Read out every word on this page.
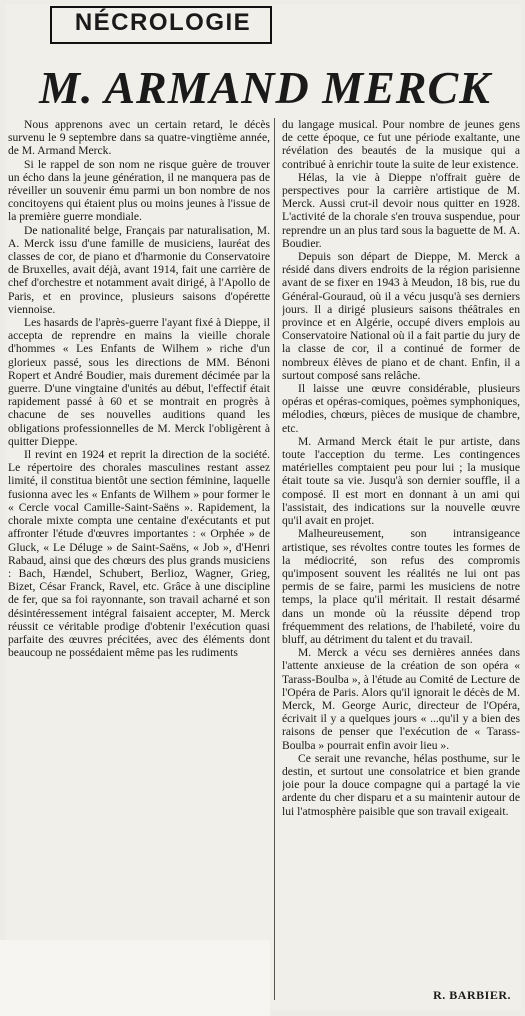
NÉCROLOGIE
M. ARMAND MERCK

Nous apprenons avec un certain retard, le décès survenu le 9 septembre dans sa quatre-vingtième année, de M. Armand Merck.

Si le rappel de son nom ne risque guère de trouver un écho dans la jeune génération, il ne manquera pas de réveiller un souvenir ému parmi un bon nombre de nos concitoyens qui étaient plus ou moins jeunes à l'issue de la première guerre mondiale.

De nationalité belge, Français par naturalisation, M. A. Merck issu d'une famille de musiciens, lauréat des classes de cor, de piano et d'harmonie du Conservatoire de Bruxelles, avait déjà, avant 1914, fait une carrière de chef d'orchestre et notamment avait dirigé, à l'Apollo de Paris, et en province, plusieurs saisons d'opérette viennoise.

Les hasards de l'après-guerre l'ayant fixé à Dieppe, il accepta de reprendre en mains la vieille chorale d'hommes « Les Enfants de Wilhem » riche d'un glorieux passé, sous les directions de MM. Bénoni Ropert et André Boudier, mais durement décimée par la guerre. D'une vingtaine d'unités au début, l'effectif était rapidement passé à 60 et se montrait en progrès à chacune de ses nouvelles auditions quand les obligations professionnelles de M. Merck l'obligèrent à quitter Dieppe.

Il revint en 1924 et reprit la direction de la société. Le répertoire des chorales masculines restant assez limité, il constitua bientôt une section féminine, laquelle fusionna avec les « Enfants de Wilhem » pour former le « Cercle vocal Camille-Saint-Saëns ». Rapidement, la chorale mixte compta une centaine d'exécutants et put affronter l'étude d'œuvres importantes : « Orphée » de Gluck, « Le Déluge » de Saint-Saëns, « Job », d'Henri Rabaud, ainsi que des chœurs des plus grands musiciens : Bach, Hændel, Schubert, Berlioz, Wagner, Grieg, Bizet, César Franck, Ravel, etc. Grâce à une discipline de fer, que sa foi rayonnante, son travail acharné et son désintéressement intégral faisaient accepter, M. Merck réussit ce véritable prodige d'obtenir l'exécution quasi parfaite des œuvres précitées, avec des éléments dont beaucoup ne possédaient même pas les rudiments

du langage musical. Pour nombre de jeunes gens de cette époque, ce fut une période exaltante, une révélation des beautés de la musique qui a contribué à enrichir toute la suite de leur existence.

Hélas, la vie à Dieppe n'offrait guère de perspectives pour la carrière artistique de M. Merck. Aussi crut-il devoir nous quitter en 1928. L'activité de la chorale s'en trouva suspendue, pour reprendre un an plus tard sous la baguette de M. A. Boudier.

Depuis son départ de Dieppe, M. Merck a résidé dans divers endroits de la région parisienne avant de se fixer en 1943 à Meudon, 18 bis, rue du Général-Gouraud, où il a vécu jusqu'à ses derniers jours. Il a dirigé plusieurs saisons théâtrales en province et en Algérie, occupé divers emplois au Conservatoire National où il a fait partie du jury de la classe de cor, il a continué de former de nombreux élèves de piano et de chant. Enfin, il a surtout composé sans relâche.

Il laisse une œuvre considérable, plusieurs opéras et opéras-comiques, poèmes symphoniques, mélodies, chœurs, pièces de musique de chambre, etc.

M. Armand Merck était le pur artiste, dans toute l'acception du terme. Les contingences matérielles comptaient peu pour lui ; la musique était toute sa vie. Jusqu'à son dernier souffle, il a composé. Il est mort en donnant à un ami qui l'assistait, des indications sur la nouvelle œuvre qu'il avait en projet.

Malheureusement, son intransigeance artistique, ses révoltes contre toutes les formes de la médiocrité, son refus des compromis qu'imposent souvent les réalités ne lui ont pas permis de se faire, parmi les musiciens de notre temps, la place qu'il méritait. Il restait désarmé dans un monde où la réussite dépend trop fréquemment des relations, de l'habileté, voire du bluff, au détriment du talent et du travail.

M. Merck a vécu ses dernières années dans l'attente anxieuse de la création de son opéra « Tarass-Boulba », à l'étude au Comité de Lecture de l'Opéra de Paris. Alors qu'il ignorait le décès de M. Merck, M. George Auric, directeur de l'Opéra, écrivait il y a quelques jours « ...qu'il y a bien des raisons de penser que l'exécution de « Tarass-Boulba » pourrait enfin avoir lieu ».

Ce serait une revanche, hélas posthume, sur le destin, et surtout une consolatrice et bien grande joie pour la douce compagne qui a partagé la vie ardente du cher disparu et a su maintenir autour de lui l'atmosphère paisible que son travail exigeait.

R. BARBIER.
